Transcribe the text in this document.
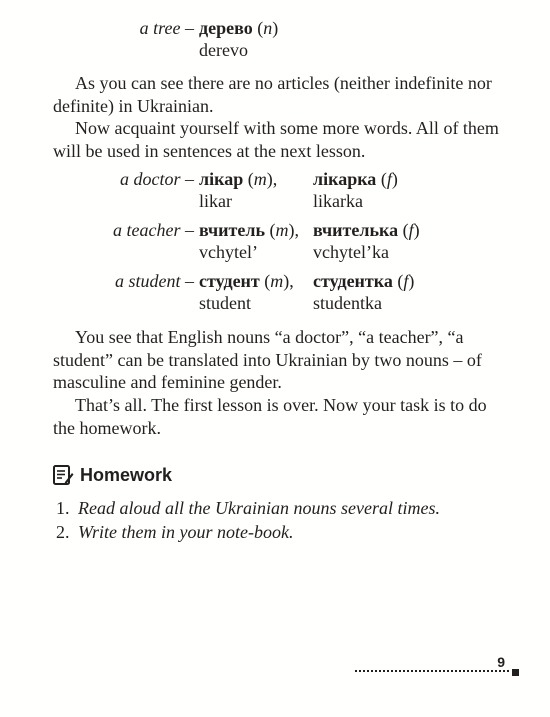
a tree – дерево (n)
derevo

As you can see there are no articles (neither indefinite nor definite) in Ukrainian.

Now acquaint yourself with some more words. All of them will be used in sentences at the next lesson.

a doctor – лікар (m),
likar
лікарка (f)
likarka
a teacher – вчитель (m),
vchytel’
вчителька (f)
vchytel’ka
a student – студент (m),
student
студентка (f)
studentka

You see that English nouns “a doctor”, “a teacher”, “a student” can be translated into Ukrainian by two nouns – of masculine and feminine gender.

That’s all. The first lesson is over. Now your task is to do the homework.

Homework
1. Read aloud all the Ukrainian nouns several times.
2. Write them in your note-book.
9
